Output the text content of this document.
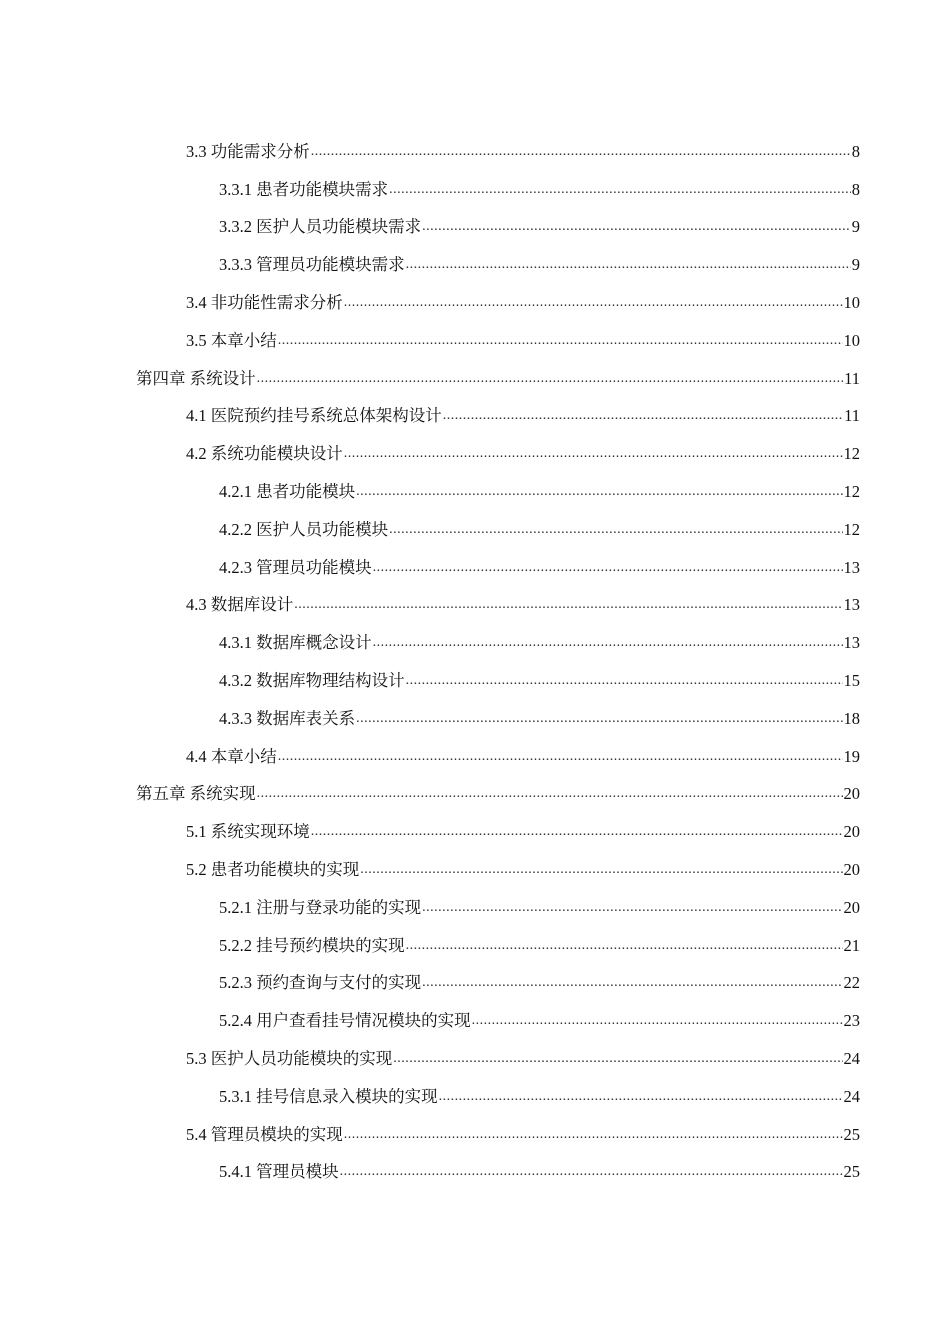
3.3 功能需求分析 .....	8
3.3.1 患者功能模块需求 .....	8
3.3.2 医护人员功能模块需求 .....	9
3.3.3 管理员功能模块需求 .....	9
3.4 非功能性需求分析 .....	10
3.5 本章小结 .....	10
第四章 系统设计 .....	11
4.1 医院预约挂号系统总体架构设计 .....	11
4.2 系统功能模块设计 .....	12
4.2.1 患者功能模块 .....	12
4.2.2 医护人员功能模块 .....	12
4.2.3 管理员功能模块 .....	13
4.3 数据库设计 .....	13
4.3.1 数据库概念设计 .....	13
4.3.2 数据库物理结构设计 .....	15
4.3.3 数据库表关系 .....	18
4.4 本章小结 .....	19
第五章 系统实现 .....	20
5.1 系统实现环境 .....	20
5.2 患者功能模块的实现 .....	20
5.2.1 注册与登录功能的实现 .....	20
5.2.2 挂号预约模块的实现 .....	21
5.2.3 预约查询与支付的实现 .....	22
5.2.4 用户查看挂号情况模块的实现 .....	23
5.3 医护人员功能模块的实现 .....	24
5.3.1 挂号信息录入模块的实现 .....	24
5.4 管理员模块的实现 .....	25
5.4.1 管理员模块 .....	25
